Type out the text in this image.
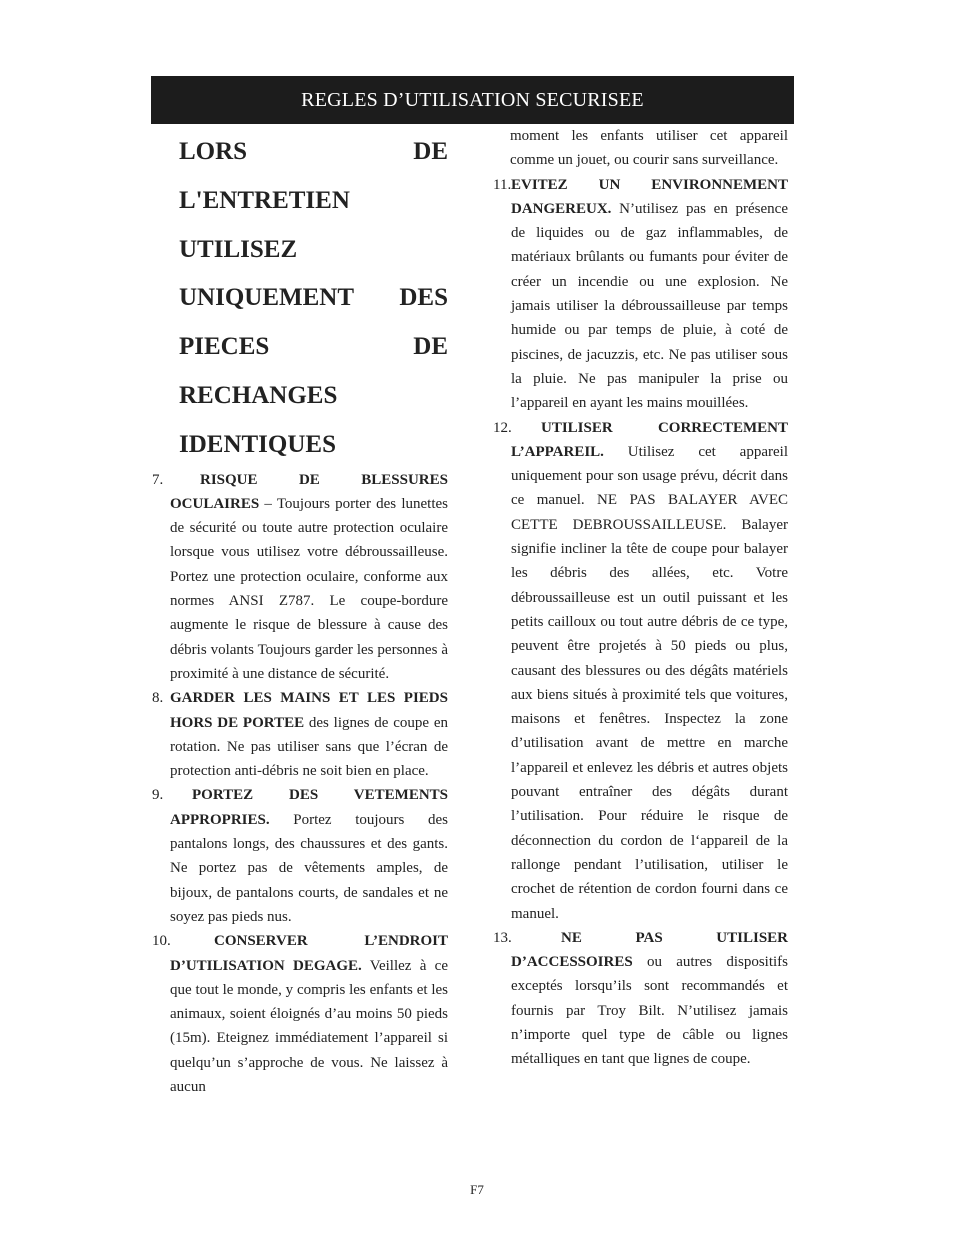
REGLES D’UTILISATION SECURISEE
LORS DE
L'ENTRETIEN
UTILISEZ
UNIQUEMENT DES
PIECES DE
RECHANGES
IDENTIQUES
7.	RISQUE DE BLESSURES
OCULAIRES – Toujours porter des lunettes de sécurité ou toute autre protection oculaire lorsque vous utilisez votre débroussailleuse. Portez une protection oculaire, conforme aux normes ANSI Z787. Le coupe-bordure augmente le risque de blessure à cause des débris volants Toujours garder les personnes à proximité à une distance de sécurité.
8. GARDER LES MAINS ET LES PIEDS HORS DE PORTEE des lignes de coupe en rotation. Ne pas utiliser sans que l’écran de protection anti-débris ne soit bien en place.
9.	PORTEZ DES VETEMENTS
APPROPRIES. Portez toujours des pantalons longs, des chaussures et des gants. Ne portez pas de vêtements amples, de bijoux, de pantalons courts, de sandales et ne soyez pas pieds nus.
10.	CONSERVER L’ENDROIT
D’UTILISATION DEGAGE. Veillez à ce que tout le monde, y compris les enfants et les animaux, soient éloignés d’au moins 50 pieds (15m). Eteignez immédiatement l’appareil si quelqu’un s’approche de vous. Ne laissez à aucun
moment les enfants utiliser cet appareil comme un jouet, ou courir sans surveillance.
11. EVITEZ UN ENVIRONNEMENT
DANGEREUX. N’utilisez pas en présence de liquides ou de gaz inflammables, de matériaux brûlants ou fumants pour éviter de créer un incendie ou une explosion. Ne jamais utiliser la débroussailleuse par temps humide ou par temps de pluie, à coté de piscines, de jacuzzis, etc. Ne pas utiliser sous la pluie. Ne pas manipuler la prise ou l’appareil en ayant les mains mouillées.
12.	UTILISER CORRECTEMENT
L’APPAREIL. Utilisez cet appareil uniquement pour son usage prévu, décrit dans ce manuel. NE PAS BALAYER AVEC CETTE DEBROUSSAILLEUSE. Balayer signifie incliner la tête de coupe pour balayer les débris des allées, etc. Votre débroussailleuse est un outil puissant et les petits cailloux ou tout autre débris de ce type, peuvent être projetés à 50 pieds ou plus, causant des blessures ou des dégâts matériels aux biens situés à proximité tels que voitures, maisons et fenêtres. Inspectez la zone d’utilisation avant de mettre en marche l’appareil et enlevez les débris et autres objets pouvant entraîner des dégâts durant l’utilisation. Pour réduire le risque de déconnection du cordon de l‘appareil de la rallonge pendant l’utilisation, utiliser le crochet de rétention de cordon fourni dans ce manuel.
13.	NE PAS UTILISER
D’ACCESSOIRES ou autres dispositifs exceptés lorsqu’ils sont recommandés et fournis par Troy Bilt. N’utilisez jamais n’importe quel type de câble ou lignes métalliques en tant que lignes de coupe.
F7
